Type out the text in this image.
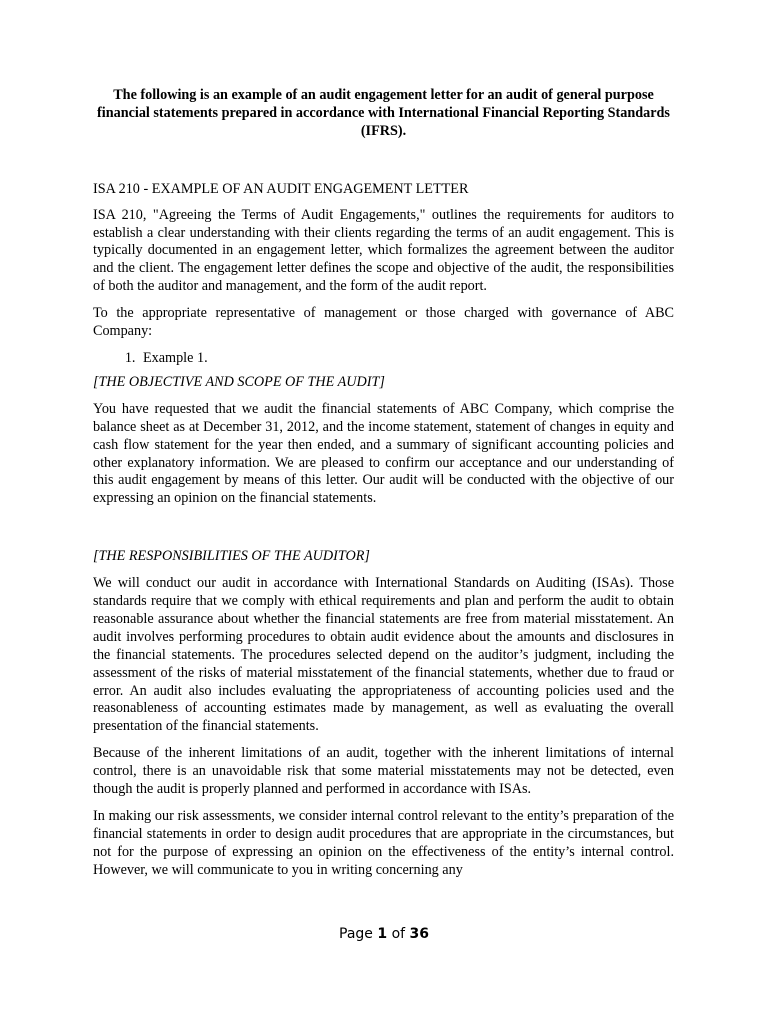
The following is an example of an audit engagement letter for an audit of general purpose financial statements prepared in accordance with International Financial Reporting Standards (IFRS).
ISA 210 - EXAMPLE OF AN AUDIT ENGAGEMENT LETTER

ISA 210, "Agreeing the Terms of Audit Engagements," outlines the requirements for auditors to establish a clear understanding with their clients regarding the terms of an audit engagement. This is typically documented in an engagement letter, which formalizes the agreement between the auditor and the client. The engagement letter defines the scope and objective of the audit, the responsibilities of both the auditor and management, and the form of the audit report.

To the appropriate representative of management or those charged with governance of ABC Company:

1. Example 1.

[THE OBJECTIVE AND SCOPE OF THE AUDIT]

You have requested that we audit the financial statements of ABC Company, which comprise the balance sheet as at December 31, 2012, and the income statement, statement of changes in equity and cash flow statement for the year then ended, and a summary of significant accounting policies and other explanatory information. We are pleased to confirm our acceptance and our understanding of this audit engagement by means of this letter. Our audit will be conducted with the objective of our expressing an opinion on the financial statements.

[THE RESPONSIBILITIES OF THE AUDITOR]

We will conduct our audit in accordance with International Standards on Auditing (ISAs). Those standards require that we comply with ethical requirements and plan and perform the audit to obtain reasonable assurance about whether the financial statements are free from material misstatement. An audit involves performing procedures to obtain audit evidence about the amounts and disclosures in the financial statements. The procedures selected depend on the auditor’s judgment, including the assessment of the risks of material misstatement of the financial statements, whether due to fraud or error. An audit also includes evaluating the appropriateness of accounting policies used and the reasonableness of accounting estimates made by management, as well as evaluating the overall presentation of the financial statements.

Because of the inherent limitations of an audit, together with the inherent limitations of internal control, there is an unavoidable risk that some material misstatements may not be detected, even though the audit is properly planned and performed in accordance with ISAs.

In making our risk assessments, we consider internal control relevant to the entity’s preparation of the financial statements in order to design audit procedures that are appropriate in the circumstances, but not for the purpose of expressing an opinion on the effectiveness of the entity’s internal control. However, we will communicate to you in writing concerning any

Page 1 of 36
